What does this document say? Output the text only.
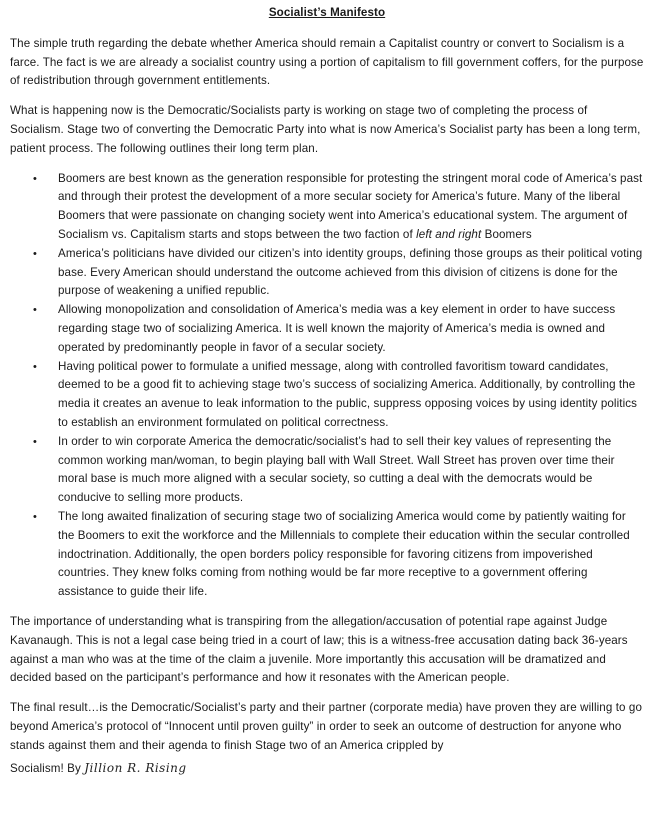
Socialist’s Manifesto

The simple truth regarding the debate whether America should remain a Capitalist country or convert to Socialism is a farce. The fact is we are already a socialist country using a portion of capitalism to fill government coffers, for the purpose of redistribution through government entitlements.

What is happening now is the Democratic/Socialists party is working on stage two of completing the process of Socialism. Stage two of converting the Democratic Party into what is now America’s Socialist party has been a long term, patient process. The following outlines their long term plan.

• Boomers are best known as the generation responsible for protesting the stringent moral code of America’s past and through their protest the development of a more secular society for America’s future. Many of the liberal Boomers that were passionate on changing society went into America’s educational system. The argument of Socialism vs. Capitalism starts and stops between the two faction of left and right Boomers
• America’s politicians have divided our citizen’s into identity groups, defining those groups as their political voting base. Every American should understand the outcome achieved from this division of citizens is done for the purpose of weakening a unified republic.
• Allowing monopolization and consolidation of America’s media was a key element in order to have success regarding stage two of socializing America. It is well known the majority of America’s media is owned and operated by predominantly people in favor of a secular society.
• Having political power to formulate a unified message, along with controlled favoritism toward candidates, deemed to be a good fit to achieving stage two’s success of socializing America. Additionally, by controlling the media it creates an avenue to leak information to the public, suppress opposing voices by using identity politics to establish an environment formulated on political correctness.
• In order to win corporate America the democratic/socialist’s had to sell their key values of representing the common working man/woman, to begin playing ball with Wall Street. Wall Street has proven over time their moral base is much more aligned with a secular society, so cutting a deal with the democrats would be conducive to selling more products.
• The long awaited finalization of securing stage two of socializing America would come by patiently waiting for the Boomers to exit the workforce and the Millennials to complete their education within the secular controlled indoctrination. Additionally, the open borders policy responsible for favoring citizens from impoverished countries. They knew folks coming from nothing would be far more receptive to a government offering assistance to guide their life.

The importance of understanding what is transpiring from the allegation/accusation of potential rape against Judge Kavanaugh. This is not a legal case being tried in a court of law; this is a witness-free accusation dating back 36-years against a man who was at the time of the claim a juvenile. More importantly this accusation will be dramatized and decided based on the participant’s performance and how it resonates with the American people.

The final result…is the Democratic/Socialist’s party and their partner (corporate media) have proven they are willing to go beyond America’s protocol of “Innocent until proven guilty” in order to seek an outcome of destruction for anyone who stands against them and their agenda to finish Stage two of an America crippled by

Socialism! By Jillion R. Rising
